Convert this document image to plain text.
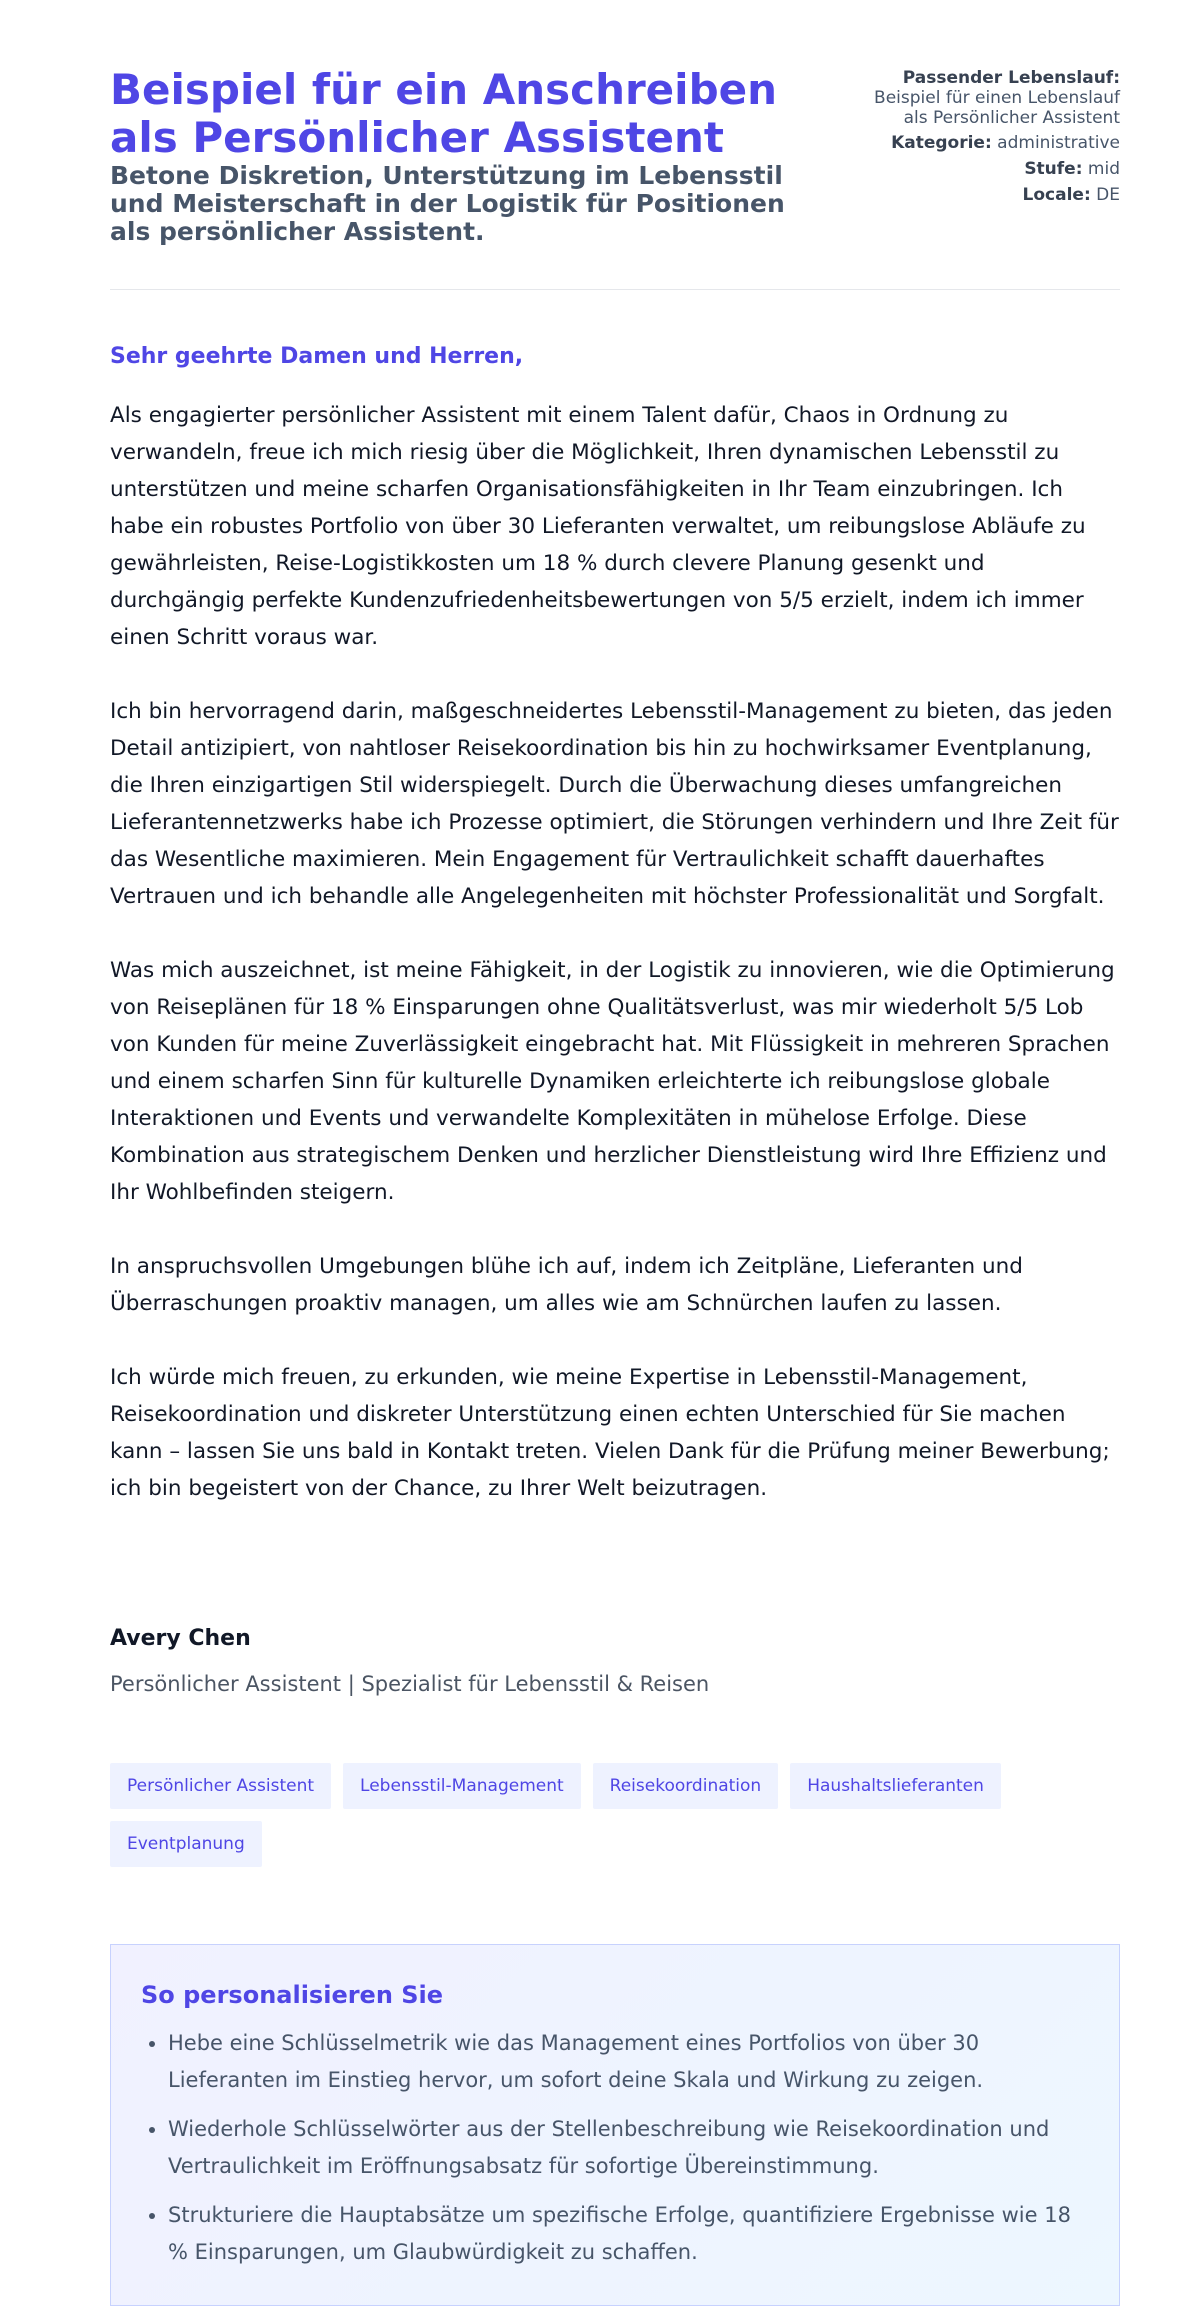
Beispiel für ein Anschreiben als Persönlicher Assistent
Betone Diskretion, Unterstützung im Lebensstil und Meisterschaft in der Logistik für Positionen als persönlicher Assistent.
Passender Lebenslauf:
Beispiel für einen Lebenslauf
als Persönlicher Assistent
Kategorie: administrative
Stufe: mid
Locale: DE

Sehr geehrte Damen und Herren,

Als engagierter persönlicher Assistent mit einem Talent dafür, Chaos in Ordnung zu verwandeln, freue ich mich riesig über die Möglichkeit, Ihren dynamischen Lebensstil zu unterstützen und meine scharfen Organisationsfähigkeiten in Ihr Team einzubringen. Ich habe ein robustes Portfolio von über 30 Lieferanten verwaltet, um reibungslose Abläufe zu gewährleisten, Reise-Logistikkosten um 18 % durch clevere Planung gesenkt und durchgängig perfekte Kundenzufriedenheitsbewertungen von 5/5 erzielt, indem ich immer einen Schritt voraus war.

Ich bin hervorragend darin, maßgeschneidertes Lebensstil-Management zu bieten, das jeden Detail antizipiert, von nahtloser Reisekoordination bis hin zu hochwirksamer Eventplanung, die Ihren einzigartigen Stil widerspiegelt. Durch die Überwachung dieses umfangreichen Lieferantennetzwerks habe ich Prozesse optimiert, die Störungen verhindern und Ihre Zeit für das Wesentliche maximieren. Mein Engagement für Vertraulichkeit schafft dauerhaftes Vertrauen und ich behandle alle Angelegenheiten mit höchster Professionalität und Sorgfalt.

Was mich auszeichnet, ist meine Fähigkeit, in der Logistik zu innovieren, wie die Optimierung von Reiseplänen für 18 % Einsparungen ohne Qualitätsverlust, was mir wiederholt 5/5 Lob von Kunden für meine Zuverlässigkeit eingebracht hat. Mit Flüssigkeit in mehreren Sprachen und einem scharfen Sinn für kulturelle Dynamiken erleichterte ich reibungslose globale Interaktionen und Events und verwandelte Komplexitäten in mühelose Erfolge. Diese Kombination aus strategischem Denken und herzlicher Dienstleistung wird Ihre Effizienz und Ihr Wohlbefinden steigern.

In anspruchsvollen Umgebungen blühe ich auf, indem ich Zeitpläne, Lieferanten und Überraschungen proaktiv managen, um alles wie am Schnürchen laufen zu lassen.

Ich würde mich freuen, zu erkunden, wie meine Expertise in Lebensstil-Management, Reisekoordination und diskreter Unterstützung einen echten Unterschied für Sie machen kann – lassen Sie uns bald in Kontakt treten. Vielen Dank für die Prüfung meiner Bewerbung; ich bin begeistert von der Chance, zu Ihrer Welt beizutragen.

Avery Chen

Persönlicher Assistent | Spezialist für Lebensstil & Reisen

Persönlicher Assistent	Lebensstil-Management	Reisekoordination	Haushaltslieferanten
Eventplanung
So personalisieren Sie
• Hebe eine Schlüsselmetrik wie das Management eines Portfolios von über 30 Lieferanten im Einstieg hervor, um sofort deine Skala und Wirkung zu zeigen.
• Wiederhole Schlüsselwörter aus der Stellenbeschreibung wie Reisekoordination und Vertraulichkeit im Eröffnungsabsatz für sofortige Übereinstimmung.
• Strukturiere die Hauptabsätze um spezifische Erfolge, quantifiziere Ergebnisse wie 18 % Einsparungen, um Glaubwürdigkeit zu schaffen.
